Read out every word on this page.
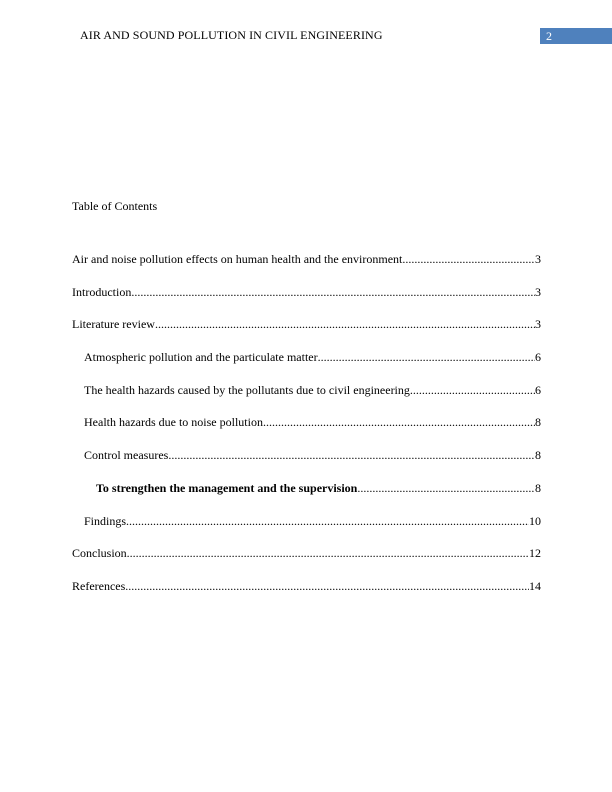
AIR AND SOUND POLLUTION IN CIVIL ENGINEERING	2
Table of Contents
Air and noise pollution effects on human health and the environment .....	3
Introduction .....	3
Literature review .....	3
Atmospheric pollution and the particulate matter .....	6
The health hazards caused by the pollutants due to civil engineering .....	6
Health hazards due to noise pollution .....	8
Control measures .....	8
To strengthen the management and the supervision .....	8
Findings .....	10
Conclusion .....	12
References .....	14
